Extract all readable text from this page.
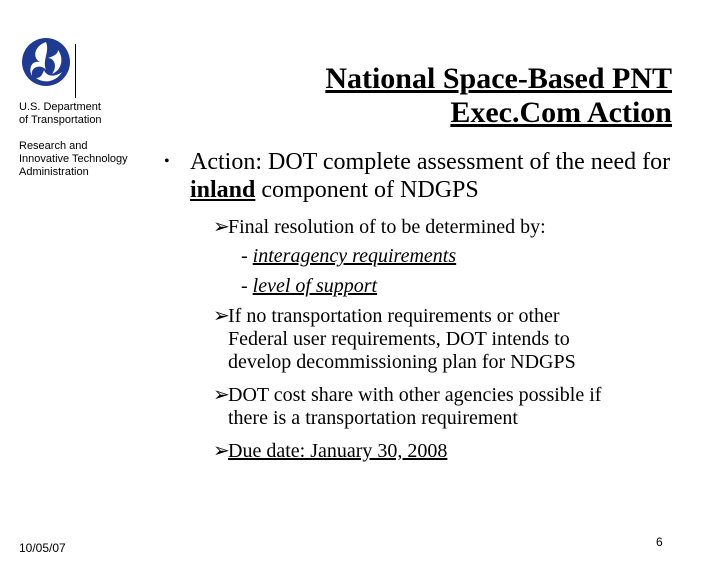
U.S. Department
of Transportation
Research and
Innovative Technology
Administration
National Space-Based PNT
Exec.Com Action
• Action: DOT complete assessment of the need for inland component of NDGPS
➢
Final resolution of to be determined by:
- interagency requirements
- level of support
➢
If no transportation requirements or other
Federal user requirements, DOT intends to
develop decommissioning plan for NDGPS
➢
DOT cost share with other agencies possible if
there is a transportation requirement
➢
Due date: January 30, 2008
10/05/07	6
